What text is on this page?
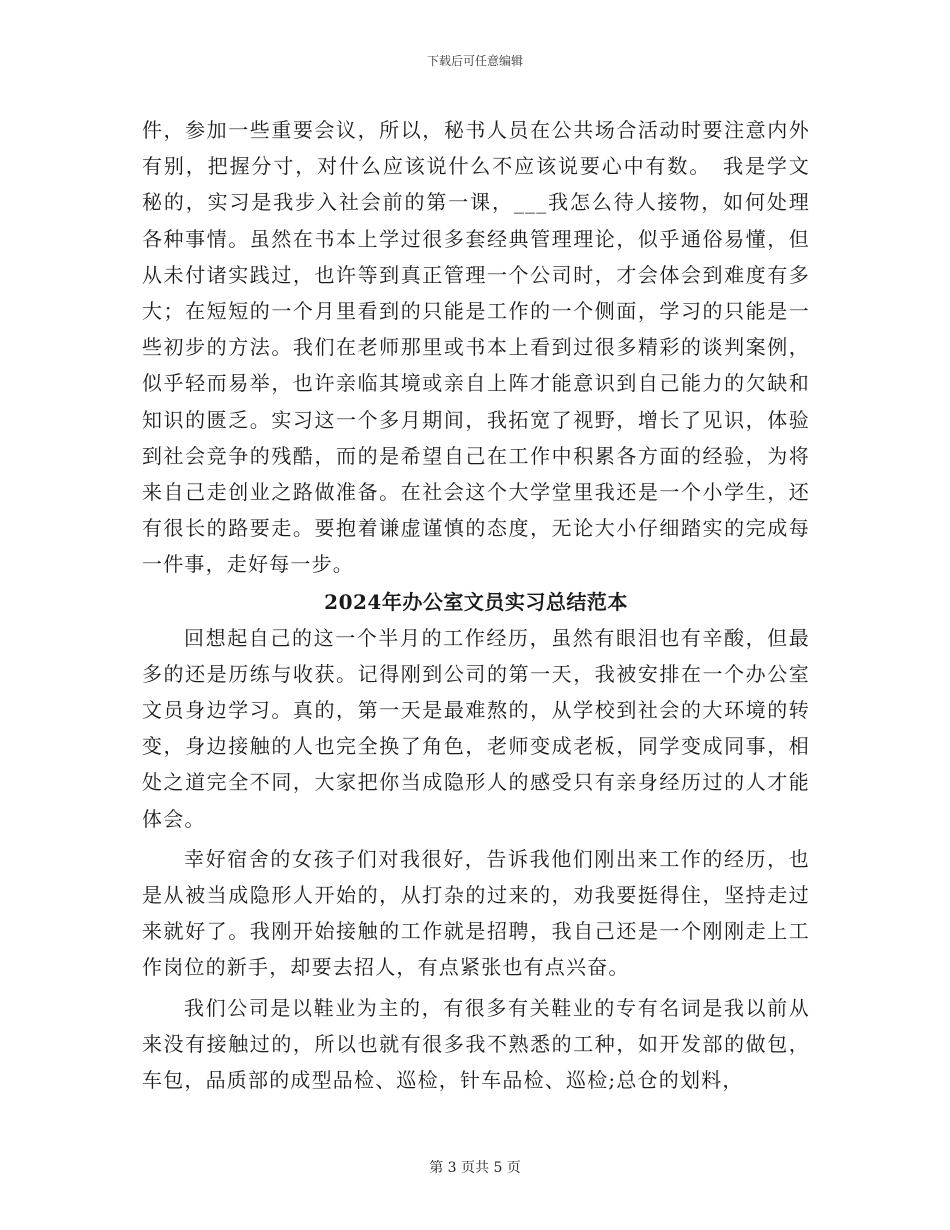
下载后可任意编辑

件，参加一些重要会议，所以，秘书人员在公共场合活动时要注意内外有别，把握分寸，对什么应该说什么不应该说要心中有数。　我是学文秘的，实习是我步入社会前的第一课，___我怎么待人接物，如何处理各种事情。虽然在书本上学过很多套经典管理理论，似乎通俗易懂，但从未付诸实践过，也许等到真正管理一个公司时，才会体会到难度有多大；在短短的一个月里看到的只能是工作的一个侧面，学习的只能是一些初步的方法。我们在老师那里或书本上看到过很多精彩的谈判案例，似乎轻而易举，也许亲临其境或亲自上阵才能意识到自己能力的欠缺和知识的匮乏。实习这一个多月期间，我拓宽了视野，增长了见识，体验到社会竞争的残酷，而的是希望自己在工作中积累各方面的经验，为将来自己走创业之路做准备。在社会这个大学堂里我还是一个小学生，还有很长的路要走。要抱着谦虚谨慎的态度，无论大小仔细踏实的完成每一件事，走好每一步。

2024年办公室文员实习总结范本

回想起自己的这一个半月的工作经历，虽然有眼泪也有辛酸，但最多的还是历练与收获。记得刚到公司的第一天，我被安排在一个办公室文员身边学习。真的，第一天是最难熬的，从学校到社会的大环境的转变，身边接触的人也完全换了角色，老师变成老板，同学变成同事，相处之道完全不同，大家把你当成隐形人的感受只有亲身经历过的人才能体会。

幸好宿舍的女孩子们对我很好，告诉我他们刚出来工作的经历，也是从被当成隐形人开始的，从打杂的过来的，劝我要挺得住，坚持走过来就好了。我刚开始接触的工作就是招聘，我自己还是一个刚刚走上工作岗位的新手，却要去招人，有点紧张也有点兴奋。

我们公司是以鞋业为主的，有很多有关鞋业的专有名词是我以前从来没有接触过的，所以也就有很多我不熟悉的工种，如开发部的做包，车包，品质部的成型品检、巡检，针车品检、巡检;总仓的划料，

第 3 页共 5 页
